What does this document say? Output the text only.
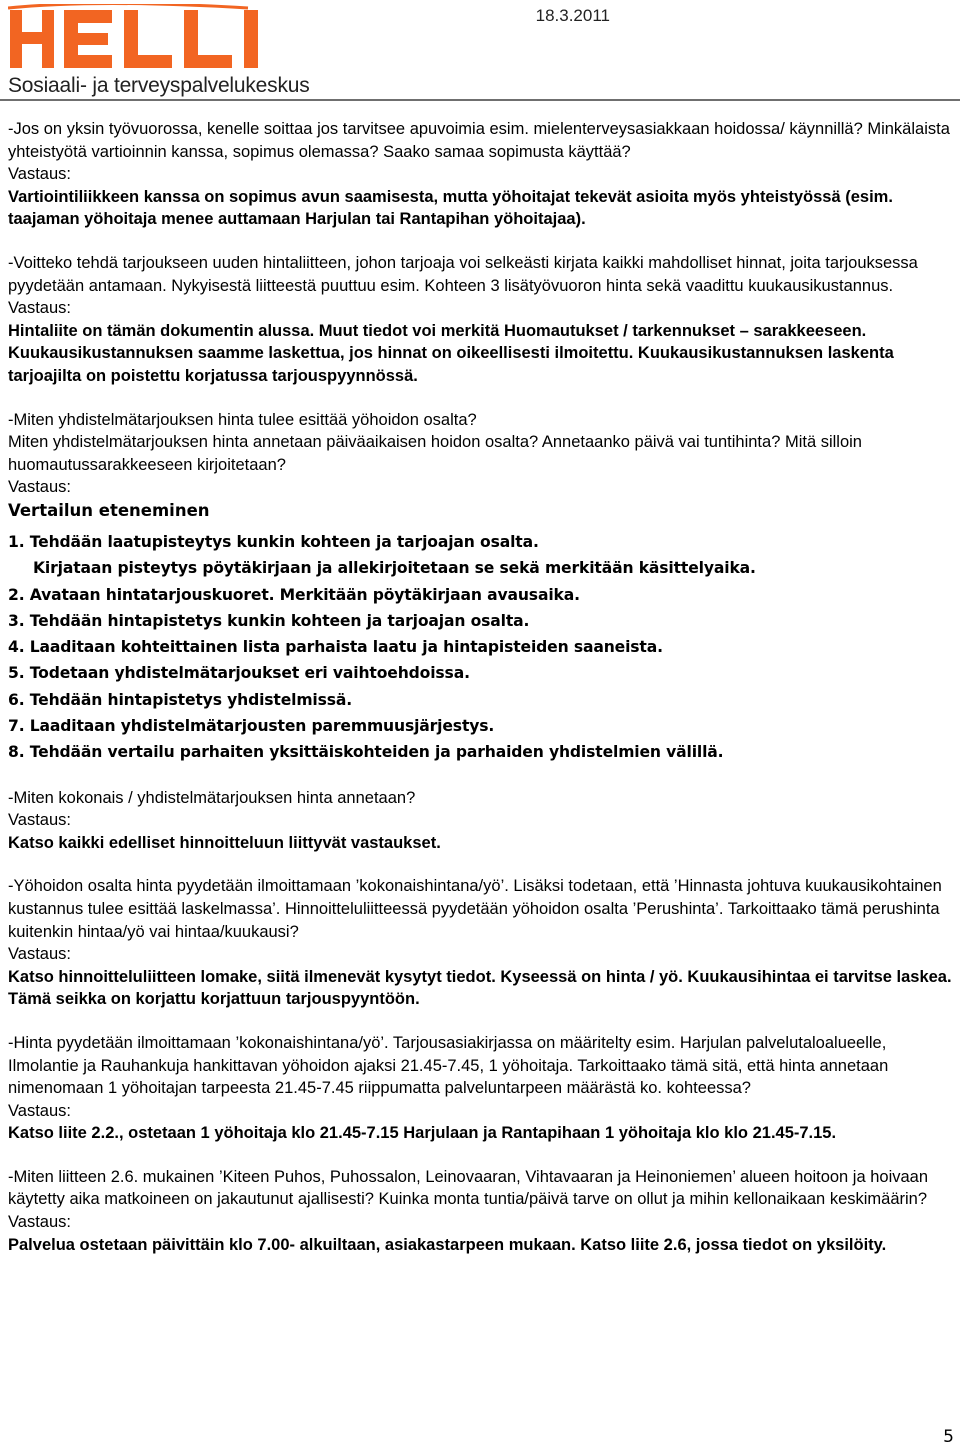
Sosiaali- ja terveyspalvelukeskus
18.3.2011

-Jos on yksin työvuorossa, kenelle soittaa jos tarvitsee apuvoimia esim. mielenterveysasiakkaan hoidossa/ käynnillä? Minkälaista yhteistyötä vartioinnin kanssa, sopimus olemassa? Saako samaa sopimusta käyttää?

Vastaus:

Vartiointiliikkeen kanssa on sopimus avun saamisesta, mutta yöhoitajat tekevät asioita myös yhteistyössä (esim. taajaman yöhoitaja menee auttamaan Harjulan tai Rantapihan yöhoitajaa).

-Voitteko tehdä tarjoukseen uuden hintaliitteen, johon tarjoaja voi selkeästi kirjata kaikki mahdolliset hinnat, joita tarjouksessa pyydetään antamaan. Nykyisestä liitteestä puuttuu esim. Kohteen 3 lisätyövuoron hinta sekä vaadittu kuukausikustannus.

Vastaus:

Hintaliite on tämän dokumentin alussa. Muut tiedot voi merkitä Huomautukset / tarkennukset – sarakkeeseen. Kuukausikustannuksen saamme laskettua, jos hinnat on oikeellisesti ilmoitettu. Kuukausikustannuksen laskenta tarjoajilta on poistettu korjatussa tarjouspyynnössä.

-Miten yhdistelmätarjouksen hinta tulee esittää yöhoidon osalta?

Miten yhdistelmätarjouksen hinta annetaan päiväaikaisen hoidon osalta? Annetaanko päivä vai tuntihinta? Mitä silloin huomautussarakkeeseen kirjoitetaan?

Vastaus:

Vertailun eteneminen

1. Tehdään laatupisteytys kunkin kohteen ja tarjoajan osalta.

Kirjataan pisteytys pöytäkirjaan ja allekirjoitetaan se sekä merkitään käsittelyaika.

2. Avataan hintatarjouskuoret. Merkitään pöytäkirjaan avausaika.

3. Tehdään hintapistetys kunkin kohteen ja tarjoajan osalta.

4. Laaditaan kohteittainen lista parhaista laatu ja hintapisteiden saaneista.

5. Todetaan yhdistelmätarjoukset eri vaihtoehdoissa.

6. Tehdään hintapistetys yhdistelmissä.

7. Laaditaan yhdistelmätarjousten paremmuusjärjestys.

8. Tehdään vertailu parhaiten yksittäiskohteiden ja parhaiden yhdistelmien välillä.

-Miten kokonais / yhdistelmätarjouksen hinta annetaan?

Vastaus:

Katso kaikki edelliset hinnoitteluun liittyvät vastaukset.

-Yöhoidon osalta hinta pyydetään ilmoittamaan ’kokonaishintana/yö’. Lisäksi todetaan, että ’Hinnasta johtuva kuukausikohtainen kustannus tulee esittää laskelmassa’. Hinnoitteluliitteessä pyydetään yöhoidon osalta ’Perushinta’. Tarkoittaako tämä perushinta kuitenkin hintaa/yö vai hintaa/kuukausi?

Vastaus:

Katso hinnoitteluliitteen lomake, siitä ilmenevät kysytyt tiedot. Kyseessä on hinta / yö. Kuukausihintaa ei tarvitse laskea. Tämä seikka on korjattu korjattuun tarjouspyyntöön.

-Hinta pyydetään ilmoittamaan ’kokonaishintana/yö’. Tarjousasiakirjassa on määritelty esim. Harjulan palvelutaloalueelle, Ilmolantie ja Rauhankuja hankittavan yöhoidon ajaksi 21.45-7.45, 1 yöhoitaja. Tarkoittaako tämä sitä, että hinta annetaan nimenomaan 1 yöhoitajan tarpeesta 21.45-7.45 riippumatta palveluntarpeen määrästä ko. kohteessa?

Vastaus:

Katso liite 2.2., ostetaan 1 yöhoitaja klo 21.45-7.15 Harjulaan ja Rantapihaan 1 yöhoitaja klo klo 21.45-7.15.

-Miten liitteen 2.6. mukainen ’Kiteen Puhos, Puhossalon, Leinovaaran, Vihtavaaran ja Heinoniemen’ alueen hoitoon ja hoivaan käytetty aika matkoineen on jakautunut ajallisesti? Kuinka monta tuntia/päivä tarve on ollut ja mihin kellonaikaan keskimäärin?

Vastaus:

Palvelua ostetaan päivittäin klo 7.00- alkuiltaan, asiakastarpeen mukaan. Katso liite 2.6, jossa tiedot on yksilöity.

5
